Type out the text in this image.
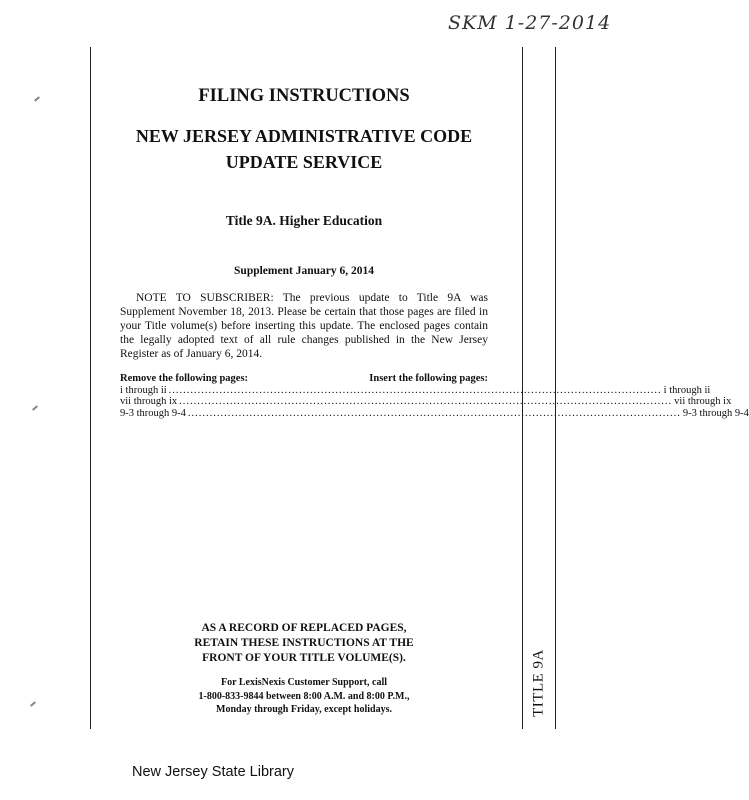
SKM 1-27-2014
TITLE 9A

FILING INSTRUCTIONS

NEW JERSEY ADMINISTRATIVE CODE
UPDATE SERVICE

Title 9A. Higher Education

Supplement January 6, 2014

NOTE TO SUBSCRIBER: The previous update to Title 9A was Supplement November 18, 2013. Please be certain that those pages are filed in your Title volume(s) before inserting this update. The enclosed pages contain the legally adopted text of all rule changes published in the New Jersey Register as of January 6, 2014.

Remove the following pages:	Insert the following pages:
i through ii ........................................................................................................................................ i through ii
vii through ix ........................................................................................................................................ vii through ix
9-3 through 9-4 ........................................................................................................................................ 9-3 through 9-4
AS A RECORD OF REPLACED PAGES,
RETAIN THESE INSTRUCTIONS AT THE
FRONT OF YOUR TITLE VOLUME(S).
For LexisNexis Customer Support, call
1-800-833-9844 between 8:00 A.M. and 8:00 P.M.,
Monday through Friday, except holidays.
New Jersey State Library
